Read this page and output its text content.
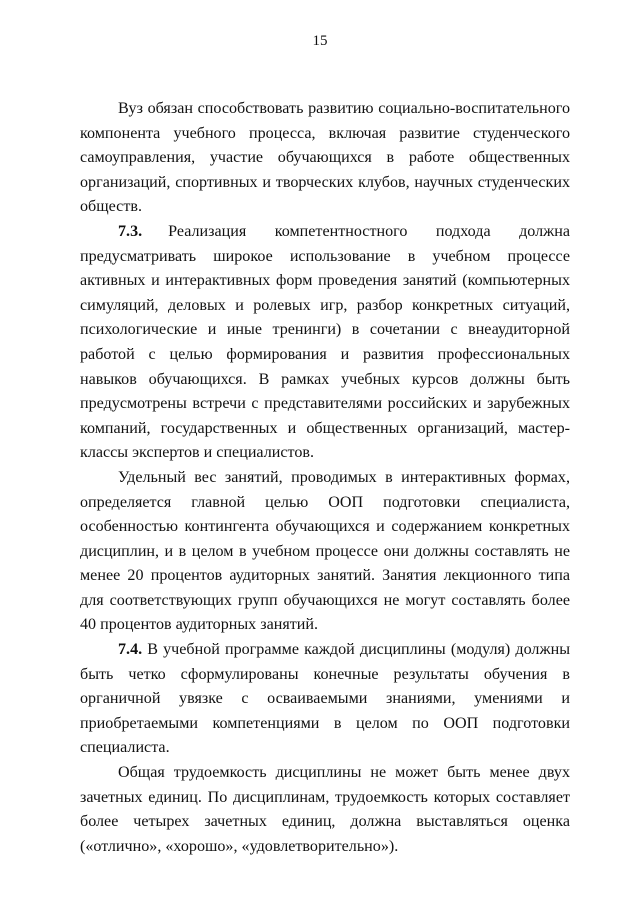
15

Вуз обязан способствовать развитию социально-воспитательного компонента учебного процесса, включая развитие студенческого самоуправления, участие обучающихся в работе общественных организаций, спортивных и творческих клубов, научных студенческих обществ.

7.3. Реализация компетентностного подхода должна предусматривать широкое использование в учебном процессе активных и интерактивных форм проведения занятий (компьютерных симуляций, деловых и ролевых игр, разбор конкретных ситуаций, психологические и иные тренинги) в сочетании с внеаудиторной работой с целью формирования и развития профессиональных навыков обучающихся. В рамках учебных курсов должны быть предусмотрены встречи с представителями российских и зарубежных компаний, государственных и общественных организаций, мастер-классы экспертов и специалистов.

Удельный вес занятий, проводимых в интерактивных формах, определяется главной целью ООП подготовки специалиста, особенностью контингента обучающихся и содержанием конкретных дисциплин, и в целом в учебном процессе они должны составлять не менее 20 процентов аудиторных занятий. Занятия лекционного типа для соответствующих групп обучающихся не могут составлять более 40 процентов аудиторных занятий.

7.4. В учебной программе каждой дисциплины (модуля) должны быть четко сформулированы конечные результаты обучения в органичной увязке с осваиваемыми знаниями, умениями и приобретаемыми компетенциями в целом по ООП подготовки специалиста.

Общая трудоемкость дисциплины не может быть менее двух зачетных единиц. По дисциплинам, трудоемкость которых составляет более четырех зачетных единиц, должна выставляться оценка («отлично», «хорошо», «удовлетворительно»).
